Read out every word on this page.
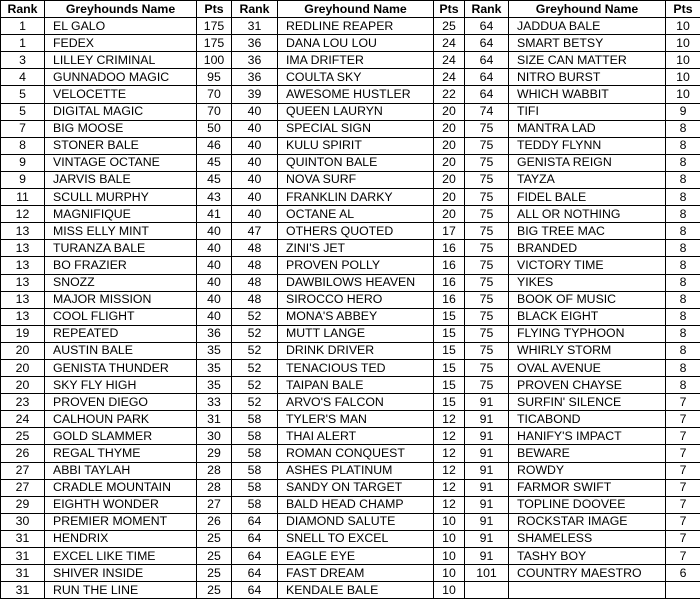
Rank	Greyhounds Name	Pts	Rank	Greyhound Name	Pts	Rank	Greyhound Name	Pts
1	EL GALO	175	31	REDLINE REAPER	25	64	JADDUA BALE	10
1	FEDEX	175	36	DANA LOU LOU	24	64	SMART BETSY	10
3	LILLEY CRIMINAL	100	36	IMA DRIFTER	24	64	SIZE CAN MATTER	10
4	GUNNADOO MAGIC	95	36	COULTA SKY	24	64	NITRO BURST	10
5	VELOCETTE	70	39	AWESOME HUSTLER	22	64	WHICH WABBIT	10
5	DIGITAL MAGIC	70	40	QUEEN LAURYN	20	74	TIFI	9
7	BIG MOOSE	50	40	SPECIAL SIGN	20	75	MANTRA LAD	8
8	STONER BALE	46	40	KULU SPIRIT	20	75	TEDDY FLYNN	8
9	VINTAGE OCTANE	45	40	QUINTON BALE	20	75	GENISTA REIGN	8
9	JARVIS BALE	45	40	NOVA SURF	20	75	TAYZA	8
11	SCULL MURPHY	43	40	FRANKLIN DARKY	20	75	FIDEL BALE	8
12	MAGNIFIQUE	41	40	OCTANE AL	20	75	ALL OR NOTHING	8
13	MISS ELLY MINT	40	47	OTHERS QUOTED	17	75	BIG TREE MAC	8
13	TURANZA BALE	40	48	ZINI'S JET	16	75	BRANDED	8
13	BO FRAZIER	40	48	PROVEN POLLY	16	75	VICTORY TIME	8
13	SNOZZ	40	48	DAWBILOWS HEAVEN	16	75	YIKES	8
13	MAJOR MISSION	40	48	SIROCCO HERO	16	75	BOOK OF MUSIC	8
13	COOL FLIGHT	40	52	MONA'S ABBEY	15	75	BLACK EIGHT	8
19	REPEATED	36	52	MUTT LANGE	15	75	FLYING TYPHOON	8
20	AUSTIN BALE	35	52	DRINK DRIVER	15	75	WHIRLY STORM	8
20	GENISTA THUNDER	35	52	TENACIOUS TED	15	75	OVAL AVENUE	8
20	SKY FLY HIGH	35	52	TAIPAN BALE	15	75	PROVEN CHAYSE	8
23	PROVEN DIEGO	33	52	ARVO'S FALCON	15	91	SURFIN' SILENCE	7
24	CALHOUN PARK	31	58	TYLER'S MAN	12	91	TICABOND	7
25	GOLD SLAMMER	30	58	THAI ALERT	12	91	HANIFY'S IMPACT	7
26	REGAL THYME	29	58	ROMAN CONQUEST	12	91	BEWARE	7
27	ABBI TAYLAH	28	58	ASHES PLATINUM	12	91	ROWDY	7
27	CRADLE MOUNTAIN	28	58	SANDY ON TARGET	12	91	FARMOR SWIFT	7
29	EIGHTH WONDER	27	58	BALD HEAD CHAMP	12	91	TOPLINE DOOVEE	7
30	PREMIER MOMENT	26	64	DIAMOND SALUTE	10	91	ROCKSTAR IMAGE	7
31	HENDRIX	25	64	SNELL TO EXCEL	10	91	SHAMELESS	7
31	EXCEL LIKE TIME	25	64	EAGLE EYE	10	91	TASHY BOY	7
31	SHIVER INSIDE	25	64	FAST DREAM	10	101	COUNTRY MAESTRO	6
31	RUN THE LINE	25	64	KENDALE BALE	10			
